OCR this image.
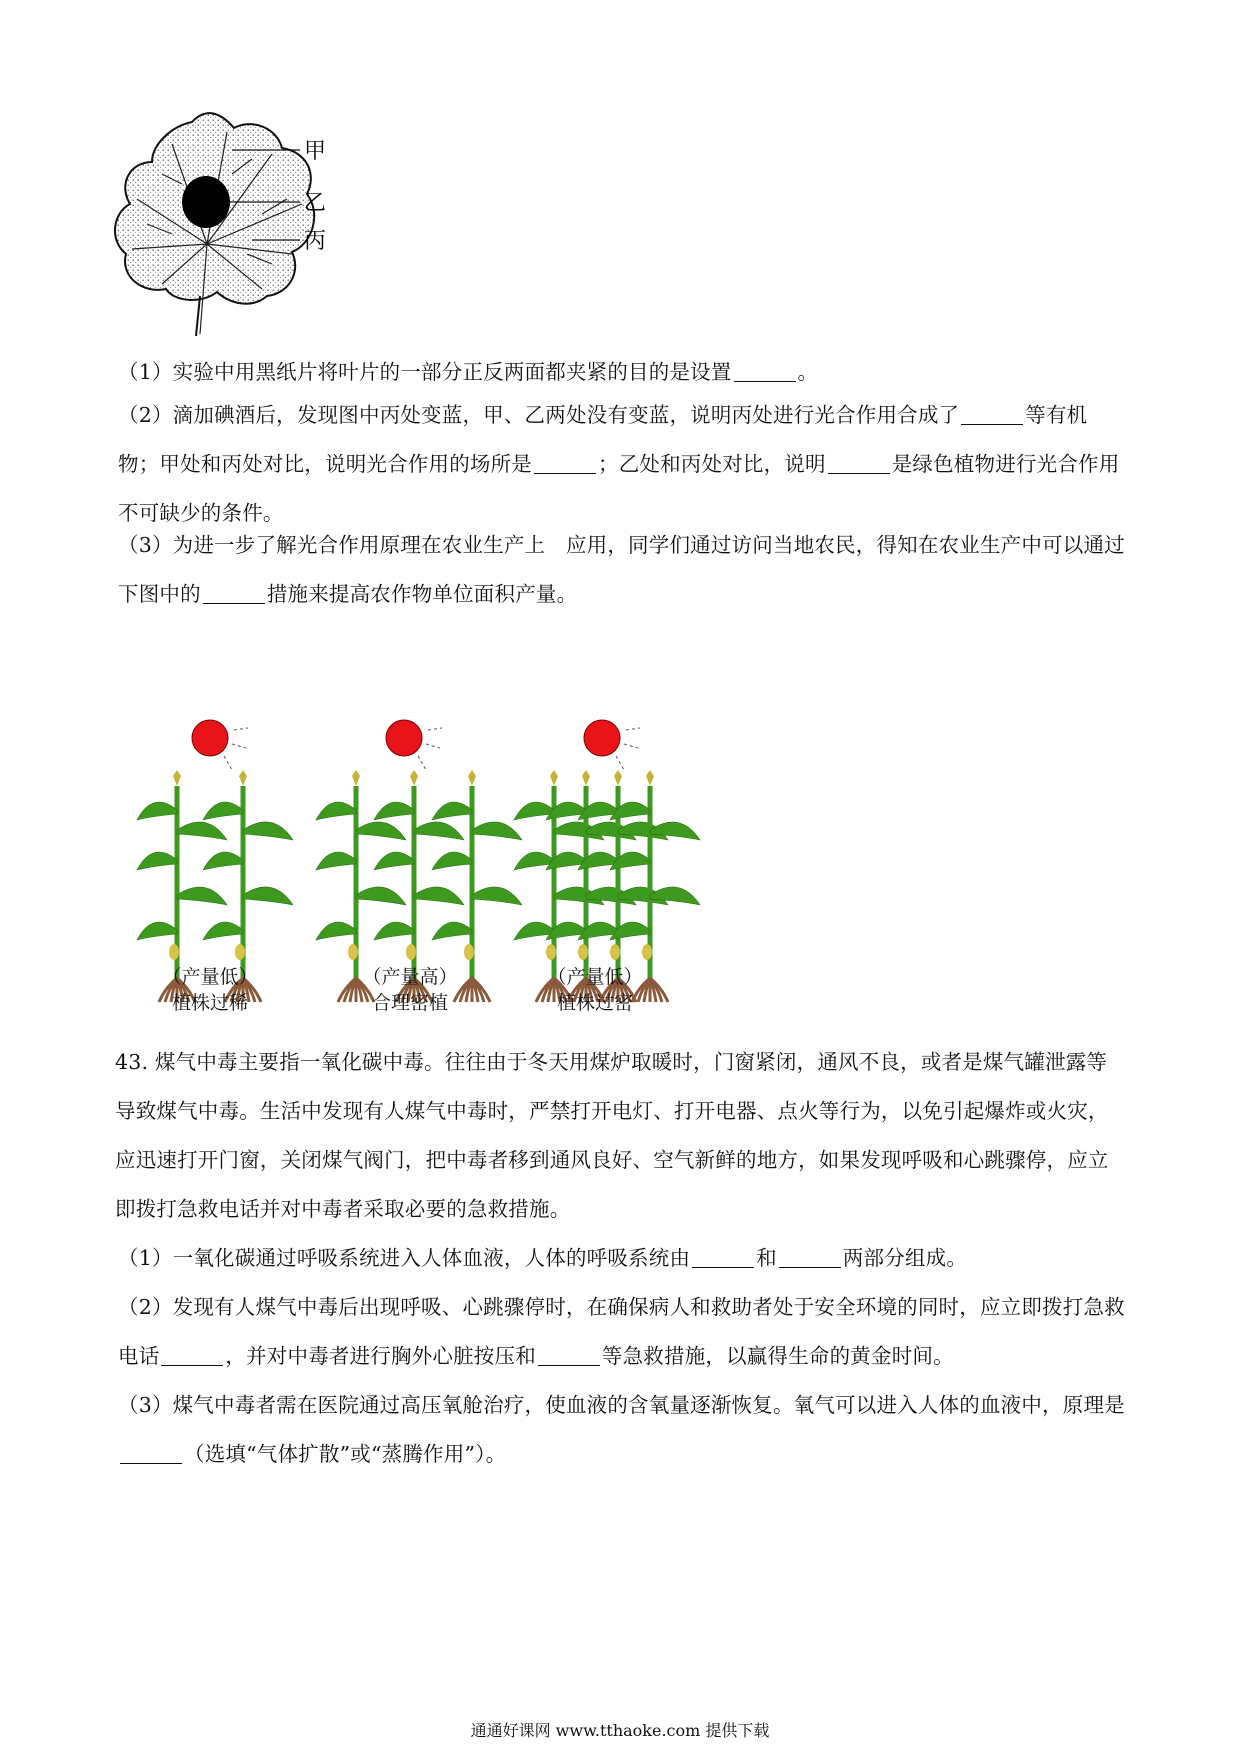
甲
乙
丙

（1）实验中用黑纸片将叶片的一部分正反两面都夹紧的目的是设置	。

（2）滴加碘酒后，发现图中丙处变蓝，甲、乙两处没有变蓝，说明丙处进行光合作用合成了	等有机物；甲处和丙处对比，说明光合作用的场所是	；乙处和丙处对比，说明	是绿色植物进行光合作用不可缺少的条件。

（3）为进一步了解光合作用原理在农业生产上　应用，同学们通过访问当地农民，得知在农业生产中可以通过下图中的	措施来提高农作物单位面积产量。

（产量低）
植株过稀
（产量高）
合理密植
（产量低）
植株过密

43. 煤气中毒主要指一氧化碳中毒。往往由于冬天用煤炉取暖时，门窗紧闭，通风不良，或者是煤气罐泄露等导致煤气中毒。生活中发现有人煤气中毒时，严禁打开电灯、打开电器、点火等行为，以免引起爆炸或火灾，应迅速打开门窗，关闭煤气阀门，把中毒者移到通风良好、空气新鲜的地方，如果发现呼吸和心跳骤停，应立即拨打急救电话并对中毒者采取必要的急救措施。

（1）一氧化碳通过呼吸系统进入人体血液，人体的呼吸系统由	和	两部分组成。

（2）发现有人煤气中毒后出现呼吸、心跳骤停时，在确保病人和救助者处于安全环境的同时，应立即拨打急救电话	，并对中毒者进行胸外心脏按压和	等急救措施，以赢得生命的黄金时间。

（3）煤气中毒者需在医院通过高压氧舱治疗，使血液的含氧量逐渐恢复。氧气可以进入人体的血液中，原理是（选填“气体扩散”或“蒸腾作用”）。

通通好课网 www.tthaoke.com 提供下载
